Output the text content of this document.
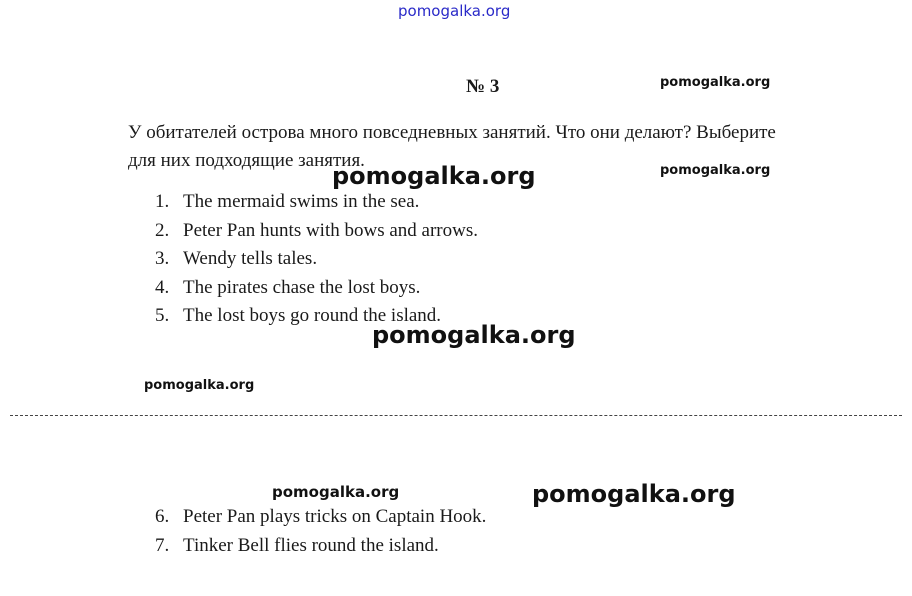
pomogalka.org
№ 3	pomogalka.org
У обитателей острова много повседневных занятий. Что они делают? Выберите для них подходящие занятия.	pomogalka.org
1. The mermaid swims in the sea.
2. Peter Pan hunts with bows and arrows.
3. Wendy tells tales.
4. The pirates chase the lost boys.
5. The lost boys go round the island.
pomogalka.org
pomogalka.org
pomogalka.org
pomogalka.org	pomogalka.org
6. Peter Pan plays tricks on Captain Hook.
7. Tinker Bell flies round the island.
